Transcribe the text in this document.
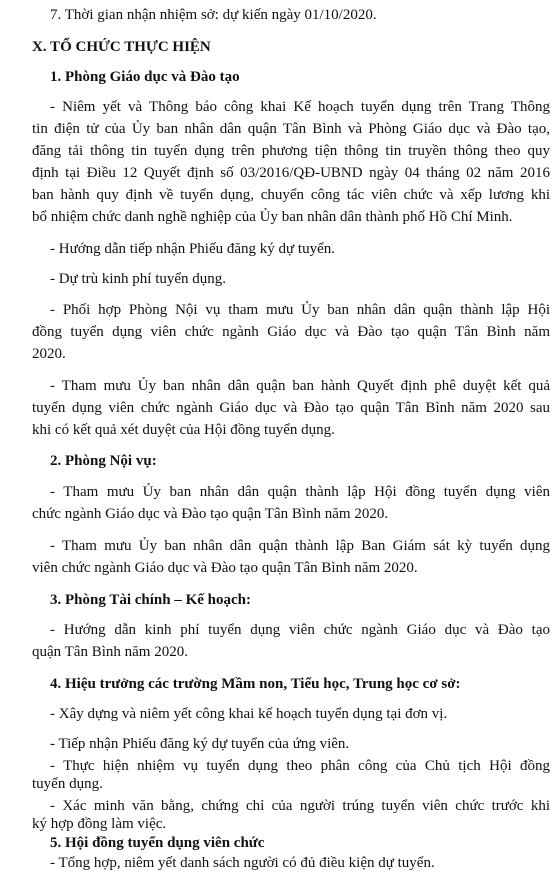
7. Thời gian nhận nhiệm sở: dự kiến ngày 01/10/2020.
X. TỔ CHỨC THỰC HIỆN
1. Phòng Giáo dục và Đào tạo
- Niêm yết và Thông báo công khai Kế hoạch tuyển dụng trên Trang Thông
tin điện tử của Ủy ban nhân dân quận Tân Bình và Phòng Giáo dục và Đào tạo,
đăng tải thông tin tuyển dụng trên phương tiện thông tin truyền thông theo quy
định tại Điều 12 Quyết định số 03/2016/QĐ-UBND ngày 04 tháng 02 năm 2016
ban hành quy định về tuyển dụng, chuyển công tác viên chức và xếp lương khi
bổ nhiệm chức danh nghề nghiệp của Ủy ban nhân dân thành phố Hồ Chí Minh.
- Hướng dẫn tiếp nhận Phiếu đăng ký dự tuyển.
- Dự trù kinh phí tuyển dụng.
- Phối hợp Phòng Nội vụ tham mưu Ủy ban nhân dân quận thành lập Hội
đồng tuyển dụng viên chức ngành Giáo dục và Đào tạo quận Tân Bình năm
2020.
- Tham mưu Ủy ban nhân dân quận ban hành Quyết định phê duyệt kết quả
tuyển dụng viên chức ngành Giáo dục và Đào tạo quận Tân Bình năm 2020 sau
khi có kết quả xét duyệt của Hội đồng tuyển dụng.
2. Phòng Nội vụ:
- Tham mưu Ủy ban nhân dân quận thành lập Hội đồng tuyển dụng viên
chức ngành Giáo dục và Đào tạo quận Tân Bình năm 2020.
- Tham mưu Ủy ban nhân dân quận thành lập Ban Giám sát kỳ tuyển dụng
viên chức ngành Giáo dục và Đào tạo quận Tân Bình năm 2020.
3. Phòng Tài chính – Kế hoạch:
- Hướng dẫn kinh phí tuyển dụng viên chức ngành Giáo dục và Đào tạo
quận Tân Bình năm 2020.
4. Hiệu trưởng các trường Mầm non, Tiểu học, Trung học cơ sở:
- Xây dựng và niêm yết công khai kế hoạch tuyển dụng tại đơn vị.
- Tiếp nhận Phiếu đăng ký dự tuyển của ứng viên.
- Thực hiện nhiệm vụ tuyển dụng theo phân công của Chủ tịch Hội đồng
tuyển dụng.
- Xác minh văn bằng, chứng chỉ của người trúng tuyển viên chức trước khi
ký hợp đồng làm việc.
5. Hội đồng tuyển dụng viên chức
- Tổng hợp, niêm yết danh sách người có đủ điều kiện dự tuyển.
